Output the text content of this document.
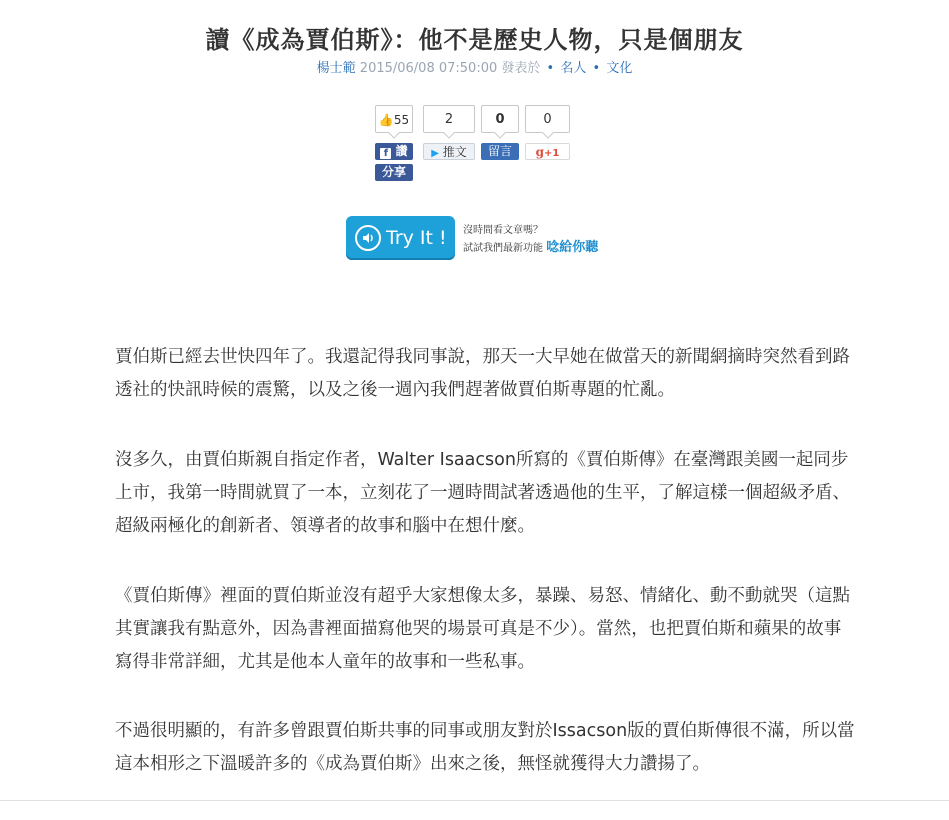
讀《成為賈伯斯》：他不是歷史人物，只是個朋友
楊士範 2015/06/08 07:50:00 發表於 • 名人 • 文化
👍55
f 讚
分享
2
▶ 推文
0
留言
0
g+1
Try It !	沒時間看文章嗎？
試試我們最新功能 唸給你聽

賈伯斯已經去世快四年了。我還記得我同事說，那天一大早她在做當天的新聞網摘時突然看到路透社的快訊時候的震驚，以及之後一週內我們趕著做賈伯斯專題的忙亂。

沒多久，由賈伯斯親自指定作者，Walter Isaacson所寫的《賈伯斯傳》在臺灣跟美國一起同步上市，我第一時間就買了一本，立刻花了一週時間試著透過他的生平，了解這樣一個超級矛盾、超級兩極化的創新者、領導者的故事和腦中在想什麼。

《賈伯斯傳》裡面的賈伯斯並沒有超乎大家想像太多，暴躁、易怒、情緒化、動不動就哭（這點其實讓我有點意外，因為書裡面描寫他哭的場景可真是不少）。當然，也把賈伯斯和蘋果的故事寫得非常詳細，尤其是他本人童年的故事和一些私事。

不過很明顯的，有許多曾跟賈伯斯共事的同事或朋友對於Issacson版的賈伯斯傳很不滿，所以當這本相形之下溫暖許多的《成為賈伯斯》出來之後，無怪就獲得大力讚揚了。
